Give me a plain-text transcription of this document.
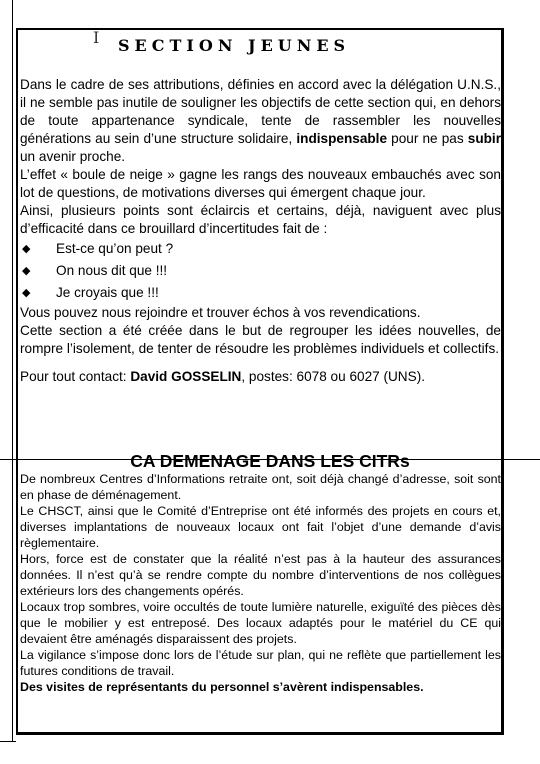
I SECTION JEUNES

Dans le cadre de ses attributions, définies en accord avec la délégation U.N.S., il ne semble pas inutile de souligner les objectifs de cette section qui, en dehors de toute appartenance syndicale, tente de rassembler les nouvelles générations au sein d’une structure solidaire, indispensable pour ne pas subir un avenir proche.

L’effet « boule de neige » gagne les rangs des nouveaux embauchés avec son lot de questions, de motivations diverses qui émergent chaque jour.

Ainsi, plusieurs points sont éclaircis et certains, déjà, naviguent avec plus d’efficacité dans ce brouillard d’incertitudes fait de :

◆	Est-ce qu’on peut ?
◆	On nous dit que !!!
◆	Je croyais que !!!

Vous pouvez nous rejoindre et trouver échos à vos revendications.

Cette section a été créée dans le but de regrouper les idées nouvelles, de rompre l’isolement, de tenter de résoudre les problèmes individuels et collectifs.

Pour tout contact: David GOSSELIN, postes: 6078 ou 6027 (UNS).

CA DEMENAGE DANS LES CITRs

De nombreux Centres d’Informations retraite ont, soit déjà changé d’adresse, soit sont en phase de déménagement.

Le CHSCT, ainsi que le Comité d’Entreprise ont été informés des projets en cours et, diverses implantations de nouveaux locaux ont fait l’objet d’une demande d’avis règlementaire.

Hors, force est de constater que la réalité n’est pas à la hauteur des assurances données. Il n’est qu’à se rendre compte du nombre d’interventions de nos collègues extérieurs lors des changements opérés.

Locaux trop sombres, voire occultés de toute lumière naturelle, exiguïté des pièces dès que le mobilier y est entreposé. Des locaux adaptés pour le matériel du CE qui devaient être aménagés disparaissent des projets.

La vigilance s’impose donc lors de l’étude sur plan, qui ne reflète que partiellement les futures conditions de travail.

Des visites de représentants du personnel s’avèrent indispensables.
